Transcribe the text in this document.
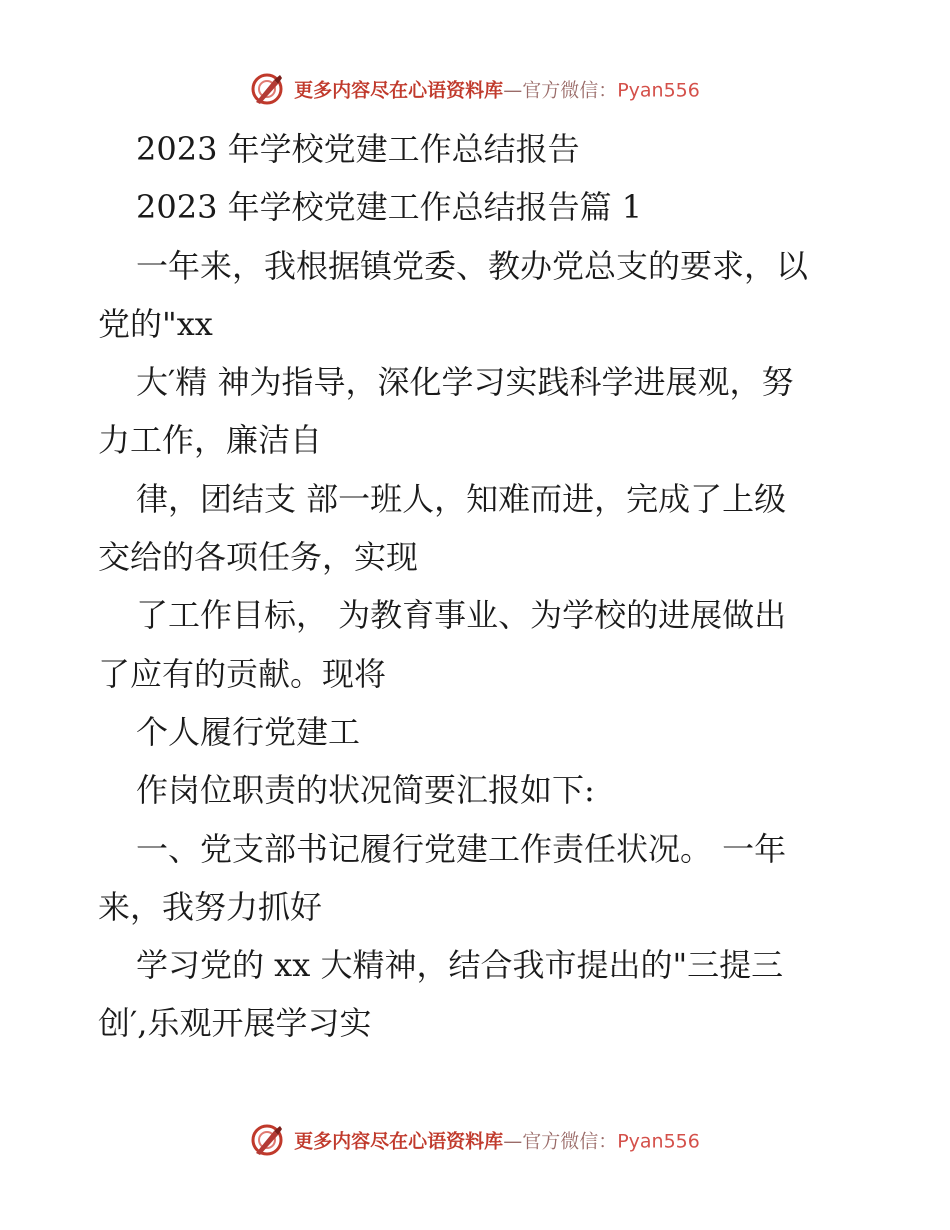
更多内容尽在心语资料库—官方微信：Pyan556
2023 年学校党建工作总结报告
2023 年学校党建工作总结报告篇 1
一年来，我根据镇党委、教办党总支的要求，以
党的"xx
大′精 神为指导，深化学习实践科学进展观，努
力工作，廉洁自
律，团结支 部一班人，知难而进，完成了上级
交给的各项任务，实现
了工作目标， 为教育事业、为学校的进展做出
了应有的贡献。现将
个人履行党建工
作岗位职责的状况简要汇报如下:
一、党支部书记履行党建工作责任状况。 一年
来，我努力抓好
学习党的 xx 大精神，结合我市提出的"三提三
创′,乐观开展学习实
更多内容尽在心语资料库—官方微信：Pyan556
